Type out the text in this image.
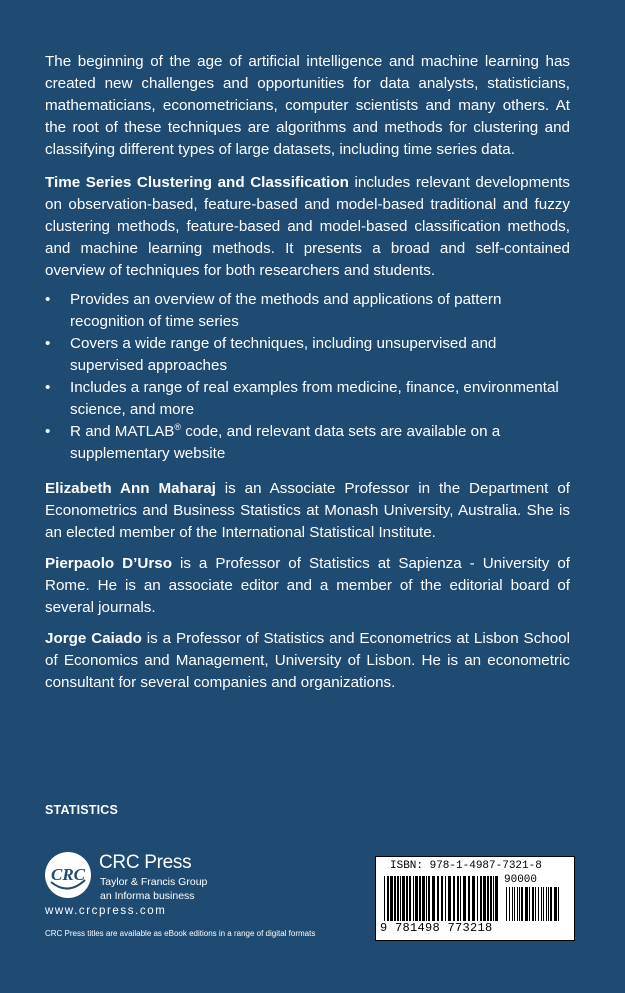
The beginning of the age of artificial intelligence and machine learning has created new challenges and opportunities for data analysts, statisticians, mathematicians, econometricians, computer scientists and many others. At the root of these techniques are algorithms and methods for clustering and classifying different types of large datasets, including time series data.
Time Series Clustering and Classification includes relevant developments on observation-based, feature-based and model-based traditional and fuzzy clustering methods, feature-based and model-based classification methods, and machine learning methods. It presents a broad and self-contained overview of techniques for both researchers and students.
• Provides an overview of the methods and applications of pattern recognition of time series
• Covers a wide range of techniques, including unsupervised and supervised approaches
• Includes a range of real examples from medicine, finance, environmental science, and more
• R and MATLAB® code, and relevant data sets are available on a supplementary website
Elizabeth Ann Maharaj is an Associate Professor in the Department of Econometrics and Business Statistics at Monash University, Australia. She is an elected member of the International Statistical Institute.
Pierpaolo D’Urso is a Professor of Statistics at Sapienza - University of Rome. He is an associate editor and a member of the editorial board of several journals.
Jorge Caiado is a Professor of Statistics and Econometrics at Lisbon School of Economics and Management, University of Lisbon. He is an econometric consultant for several companies and organizations.
STATISTICS
CRC
CRC Press
Taylor & Francis Group
an Informa business
www.crcpress.com
CRC Press titles are available as eBook editions in a range of digital formats
ISBN: 978-1-4987-7321-8
90000
9 781498 773218
